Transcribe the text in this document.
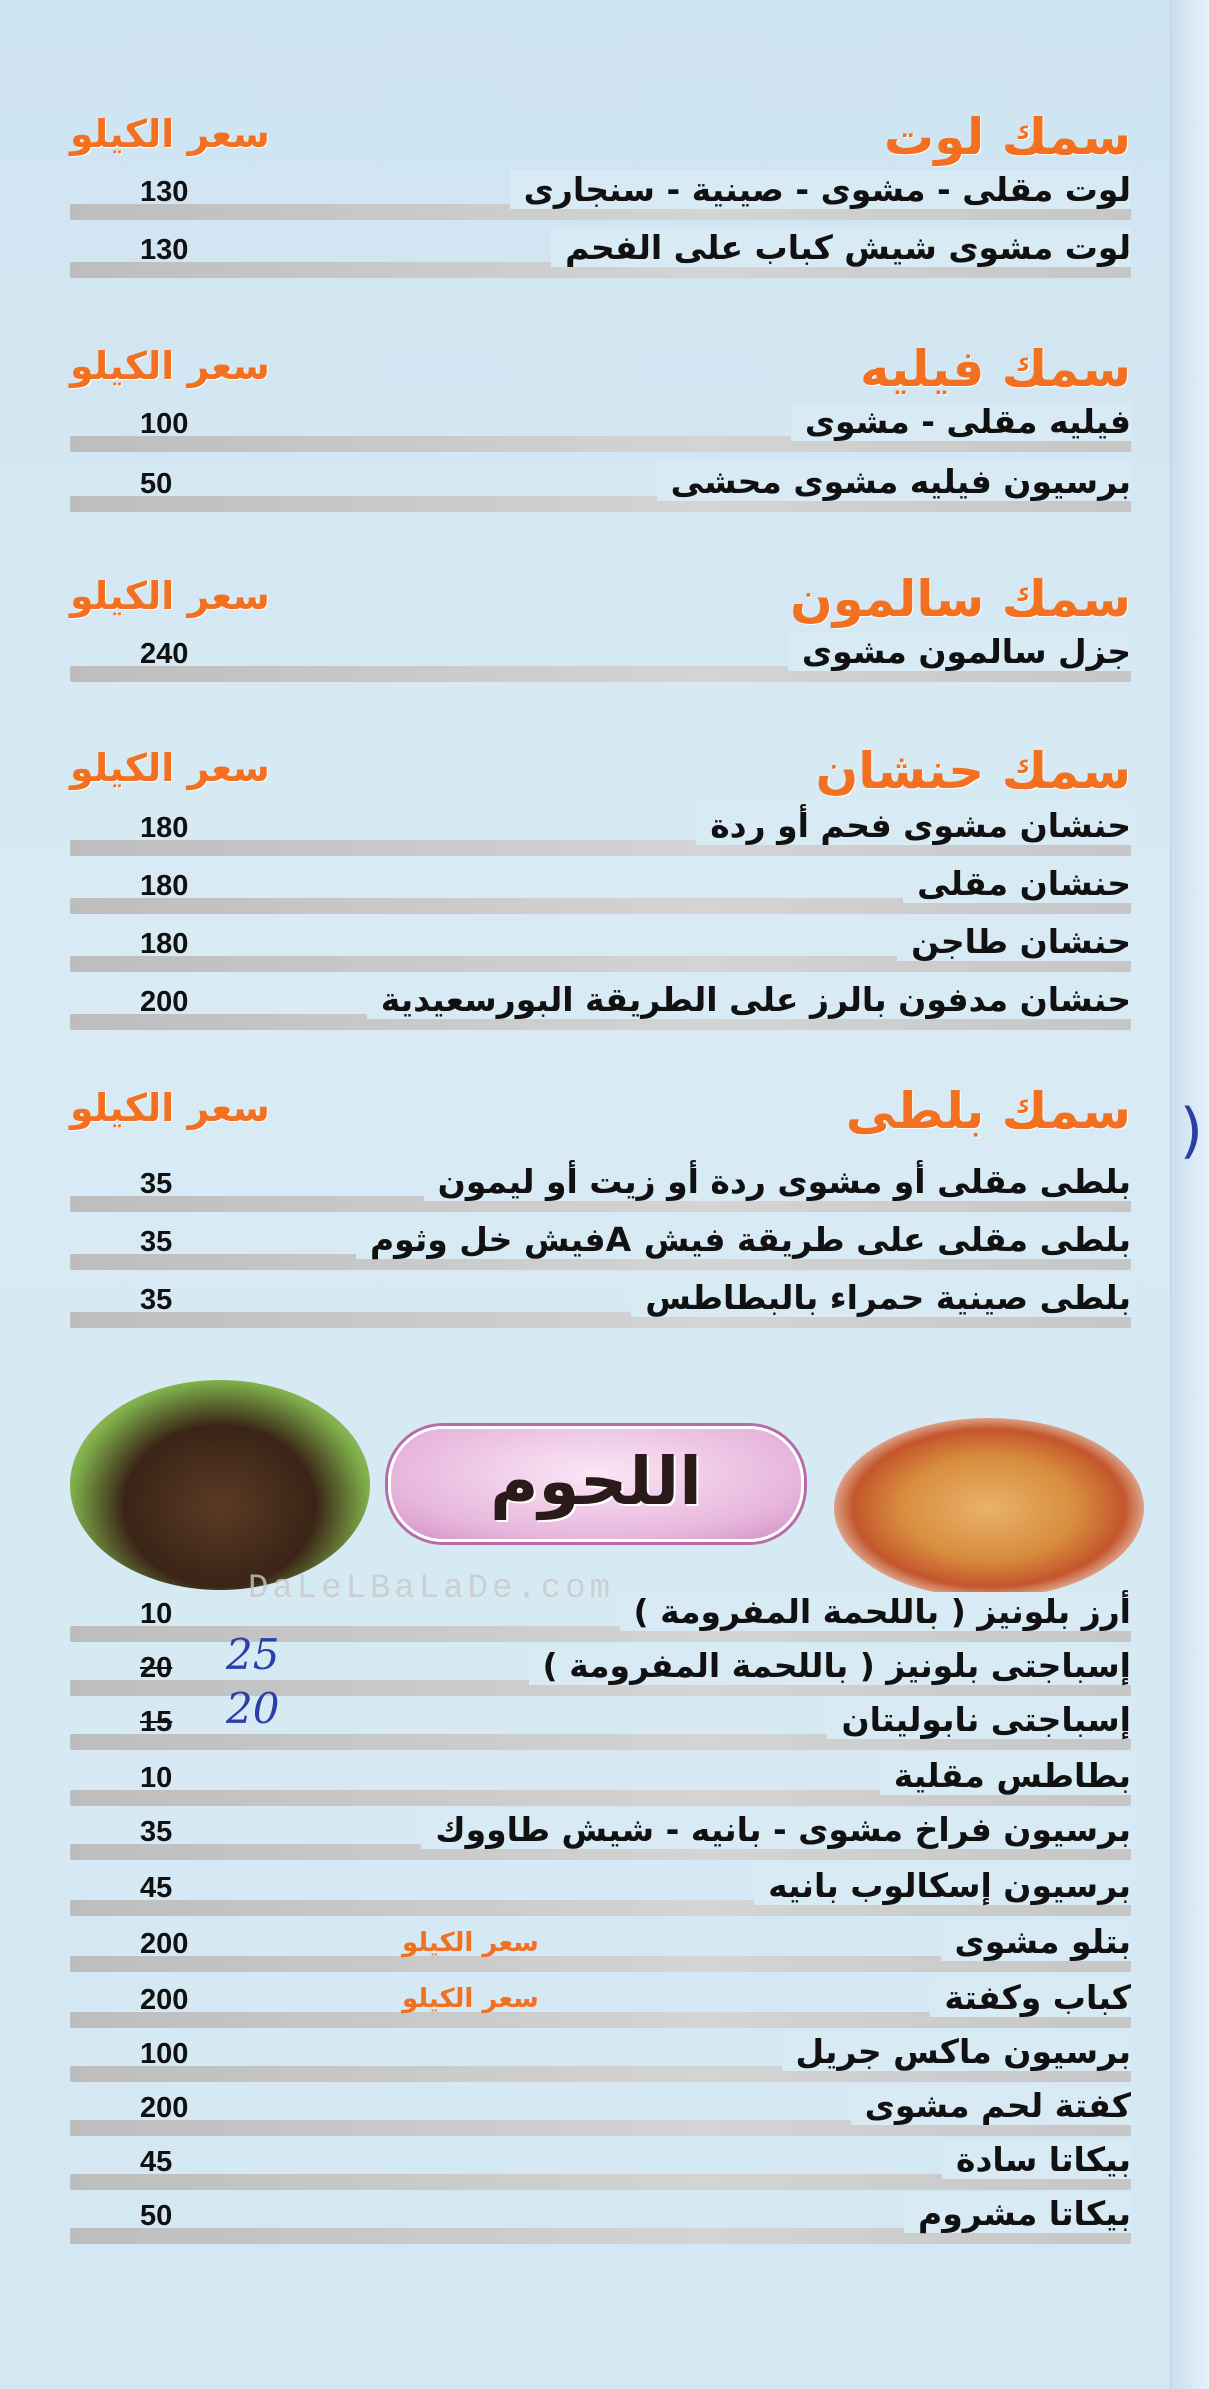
)
اللحوم
DaLeLBaLaDe.com
سمك لوت
سعر الكيلو
130	لوت مقلى - مشوى - صينية - سنجارى
130	لوت مشوى شيش كباب على الفحم
سمك فيليه
سعر الكيلو
100	فيليه مقلى - مشوى
50	برسيون فيليه مشوى محشى
سمك سالمون
سعر الكيلو
240	جزل سالمون مشوى
سمك حنشان
سعر الكيلو
180	حنشان مشوى فحم أو ردة
180	حنشان مقلى
180	حنشان طاجن
200	حنشان مدفون بالرز على الطريقة البورسعيدية
سمك بلطى
سعر الكيلو
35	بلطى مقلى أو مشوى ردة أو زيت أو ليمون
35	بلطى مقلى على طريقة فيش Aفيش خل وثوم
35	بلطى صينية حمراء بالبطاطس
10	أرز بلونيز ( باللحمة المفرومة )
20	إسباجتى بلونيز ( باللحمة المفرومة )
25
15	إسباجتى نابوليتان
20
10	بطاطس مقلية
35	برسيون فراخ مشوى - بانيه - شيش طاووك
45	برسيون إسكالوب بانيه
200	بتلو مشوى
سعر الكيلو
200	كباب وكفتة
سعر الكيلو
100	برسيون ماكس جريل
200	كفتة لحم مشوى
45	بيكاتا سادة
50	بيكاتا مشروم
